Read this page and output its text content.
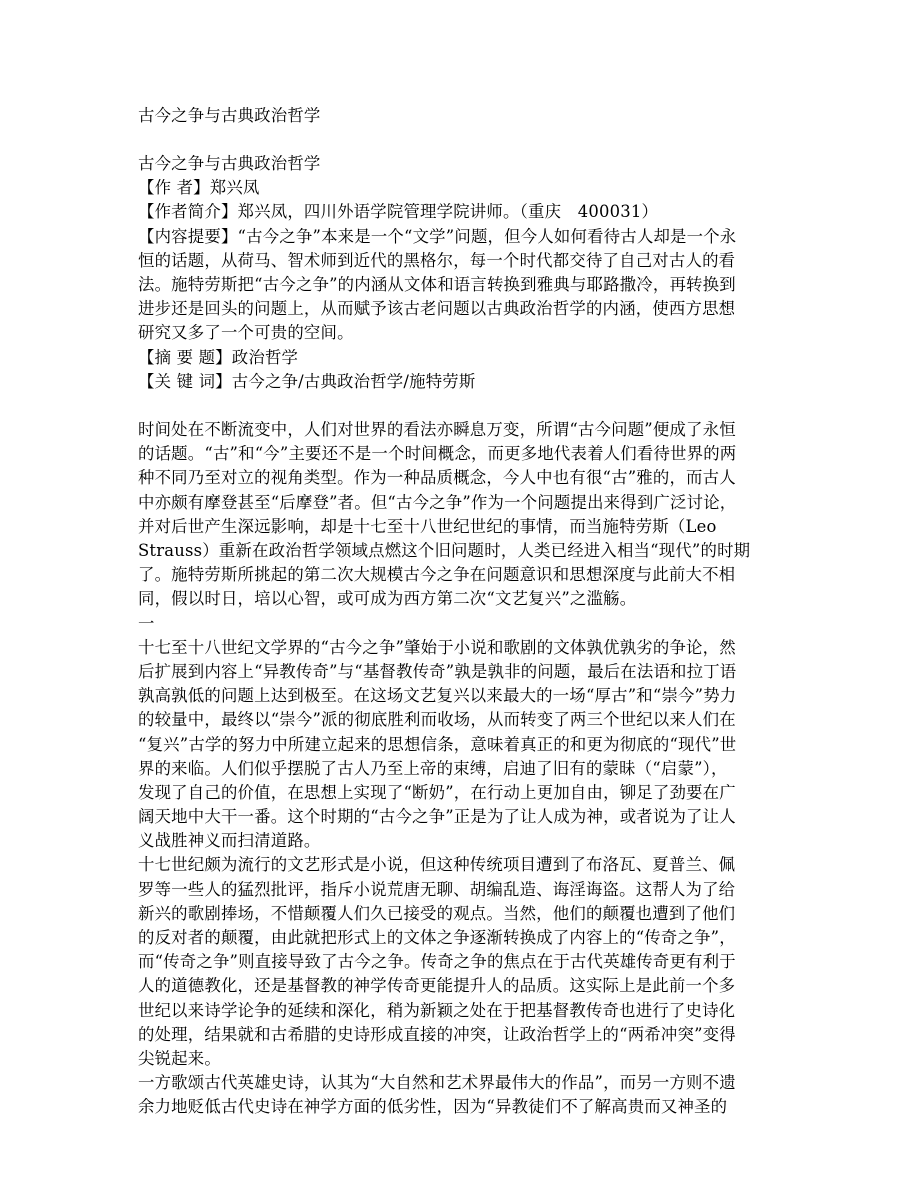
古今之争与古典政治哲学

古今之争与古典政治哲学

【作 者】郑兴凤

【作者简介】郑兴凤，四川外语学院管理学院讲师。（重庆　400031）

【内容提要】“古今之争”本来是一个“文学”问题，但今人如何看待古人却是一个永

恒的话题，从荷马、智术师到近代的黑格尔，每一个时代都交待了自己对古人的看

法。施特劳斯把“古今之争”的内涵从文体和语言转换到雅典与耶路撒冷，再转换到

进步还是回头的问题上，从而赋予该古老问题以古典政治哲学的内涵，使西方思想

研究又多了一个可贵的空间。

【摘 要 题】政治哲学

【关 键 词】古今之争/古典政治哲学/施特劳斯

时间处在不断流变中，人们对世界的看法亦瞬息万变，所谓“古今问题”便成了永恒

的话题。“古”和“今”主要还不是一个时间概念，而更多地代表着人们看待世界的两

种不同乃至对立的视角类型。作为一种品质概念，今人中也有很“古”雅的，而古人

中亦颇有摩登甚至“后摩登”者。但“古今之争”作为一个问题提出来得到广泛讨论，

并对后世产生深远影响，却是十七至十八世纪世纪的事情，而当施特劳斯（Leo

Strauss）重新在政治哲学领域点燃这个旧问题时，人类已经进入相当“现代”的时期

了。施特劳斯所挑起的第二次大规模古今之争在问题意识和思想深度与此前大不相

同，假以时日，培以心智，或可成为西方第二次“文艺复兴”之滥觞。

一

十七至十八世纪文学界的“古今之争”肇始于小说和歌剧的文体孰优孰劣的争论，然

后扩展到内容上“异教传奇”与“基督教传奇”孰是孰非的问题，最后在法语和拉丁语

孰高孰低的问题上达到极至。在这场文艺复兴以来最大的一场“厚古”和“崇今”势力

的较量中，最终以“崇今”派的彻底胜利而收场，从而转变了两三个世纪以来人们在

“复兴”古学的努力中所建立起来的思想信条，意味着真正的和更为彻底的“现代”世

界的来临。人们似乎摆脱了古人乃至上帝的束缚，启迪了旧有的蒙昧（“启蒙”），

发现了自己的价值，在思想上实现了“断奶”，在行动上更加自由，铆足了劲要在广

阔天地中大干一番。这个时期的“古今之争”正是为了让人成为神，或者说为了让人

义战胜神义而扫清道路。

十七世纪颇为流行的文艺形式是小说，但这种传统项目遭到了布洛瓦、夏普兰、佩

罗等一些人的猛烈批评，指斥小说荒唐无聊、胡编乱造、诲淫诲盗。这帮人为了给

新兴的歌剧捧场，不惜颠覆人们久已接受的观点。当然，他们的颠覆也遭到了他们

的反对者的颠覆，由此就把形式上的文体之争逐渐转换成了内容上的“传奇之争”，

而“传奇之争”则直接导致了古今之争。传奇之争的焦点在于古代英雄传奇更有利于

人的道德教化，还是基督教的神学传奇更能提升人的品质。这实际上是此前一个多

世纪以来诗学论争的延续和深化，稍为新颖之处在于把基督教传奇也进行了史诗化

的处理，结果就和古希腊的史诗形成直接的冲突，让政治哲学上的“两希冲突”变得

尖锐起来。

一方歌颂古代英雄史诗，认其为“大自然和艺术界最伟大的作品”，而另一方则不遗

余力地贬低古代史诗在神学方面的低劣性，因为“异教徒们不了解高贵而又神圣的
